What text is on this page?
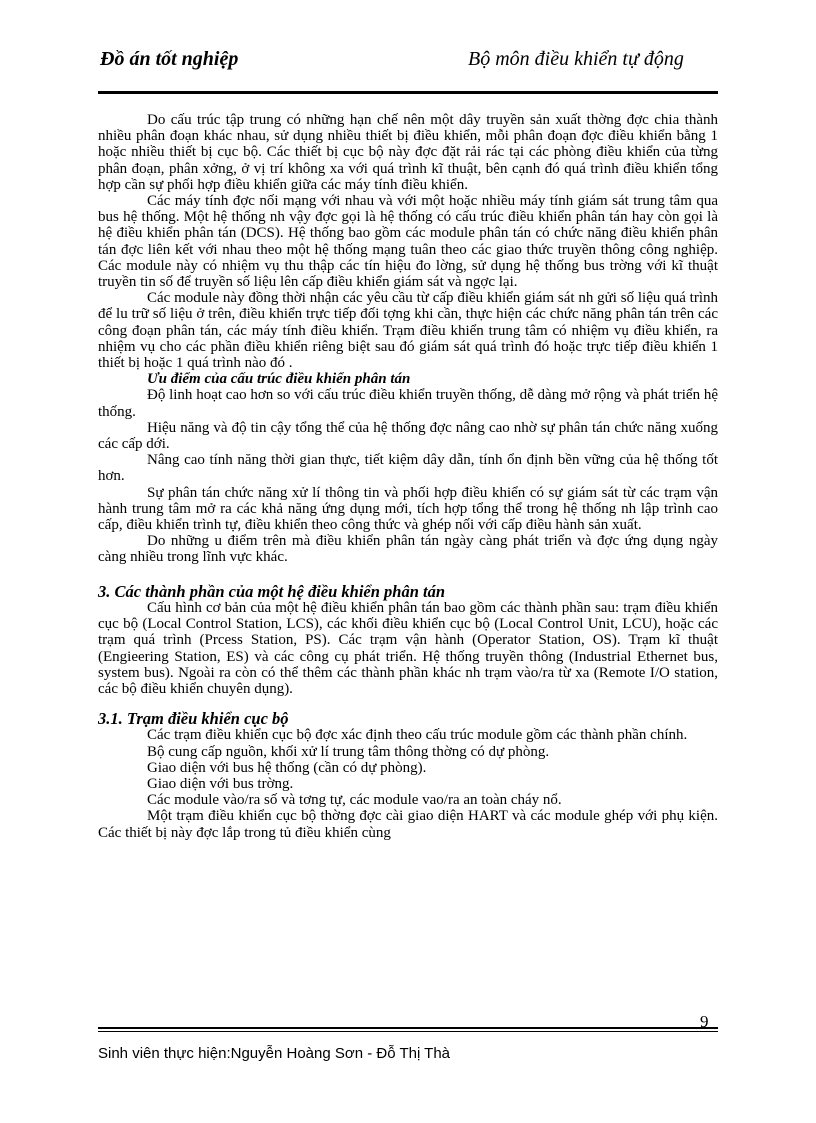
Đồ án tốt nghiệp	Bộ môn điều khiển tự động

Do cấu trúc tập trung có những hạn chế nên một dây truyền sản xuất thờng đợc chia thành nhiều phân đoạn khác nhau, sử dụng nhiều thiết bị điều khiển, mỗi phân đoạn đợc điều khiển bằng 1 hoặc nhiều thiết bị cục bộ. Các thiết bị cục bộ này đợc đặt rải rác tại các phòng điều khiển của từng phân đoạn, phân xởng, ở vị trí không xa với quá trình kĩ thuật, bên cạnh đó quá trình điều khiển tổng hợp cần sự phối hợp điều khiển giữa các máy tính điều khiển.

Các máy tính đợc nối mạng với nhau và với một hoặc nhiều máy tính giám sát trung tâm qua bus hệ thống. Một hệ thống nh vậy đợc gọi là hệ thống có cấu trúc điều khiển phân tán hay còn gọi là hệ điều khiển phân tán (DCS). Hệ thống bao gồm các module phân tán có chức năng điều khiển phân tán đợc liên kết với nhau theo một hệ thống mạng tuân theo các giao thức truyền thông công nghiệp. Các module này có nhiệm vụ thu thập các tín hiệu đo lờng, sử dụng hệ thống bus trờng với kĩ thuật truyền tin số để truyền số liệu lên cấp điều khiển giám sát và ngợc lại.

Các module này đồng thời nhận các yêu cầu từ cấp điều khiển giám sát nh gửi số liệu quá trình để lu trữ số liệu ở trên, điều khiển trực tiếp đối tợng khi cần, thực hiện các chức năng phân tán trên các công đoạn phân tán, các máy tính điều khiển. Trạm điều khiển trung tâm có nhiệm vụ điều khiển, ra nhiệm vụ cho các phần điều khiển riêng biệt sau đó giám sát quá trình đó hoặc trực tiếp điều khiển 1 thiết bị hoặc 1 quá trình nào đó .

Ưu điểm của cấu trúc điều khiển phân tán

Độ linh hoạt cao hơn so với cấu trúc điều khiển truyền thống, dễ dàng mở rộng và phát triển hệ thống.

Hiệu năng và độ tin cậy tổng thể của hệ thống đợc nâng cao nhờ sự phân tán chức năng xuống các cấp dới.

Nâng cao tính năng thời gian thực, tiết kiệm dây dẫn, tính ổn định bền vững của hệ thống tốt hơn.

Sự phân tán chức năng xử lí thông tin và phối hợp điều khiển có sự giám sát từ các trạm vận hành trung tâm mở ra các khả năng ứng dụng mới, tích hợp tổng thể trong hệ thống nh lập trình cao cấp, điều khiển trình tự, điều khiển theo công thức và ghép nối với cấp điều hành sản xuất.

Do những u điểm trên mà điều khiển phân tán ngày càng phát triển và đợc ứng dụng ngày càng nhiều trong lĩnh vực khác.

3. Các thành phần của một hệ điều khiển phân tán

Cấu hình cơ bản của một hệ điều khiển phân tán bao gồm các thành phần sau: trạm điều khiển cục bộ (Local Control Station, LCS), các khối điều khiển cục bộ (Local Control Unit, LCU), hoặc các trạm quá trình (Prcess Station, PS). Các trạm vận hành (Operator Station, OS). Trạm kĩ thuật (Engieering Station, ES) và các công cụ phát triển. Hệ thống truyền thông (Industrial Ethernet bus, system bus). Ngoài ra còn có thể thêm các thành phần khác nh trạm vào/ra từ xa (Remote I/O station, các bộ điều khiển chuyên dụng).

3.1. Trạm điều khiển cục bộ

Các trạm điều khiển cục bộ đợc xác định theo cấu trúc module gồm các thành phần chính.

Bộ cung cấp nguồn, khối xử lí trung tâm thông thờng có dự phòng.

Giao diện với bus hệ thống (cần có dự phòng).

Giao diện với bus trờng.

Các module vào/ra số và tơng tự, các module vao/ra an toàn cháy nổ.

Một trạm điều khiển cục bộ thờng đợc cài giao diện HART và các module ghép với phụ kiện. Các thiết bị này đợc lắp trong tủ điều khiển cùng

9
Sinh viên thực hiện:Nguyễn Hoàng Sơn - Đỗ Thị Thà
